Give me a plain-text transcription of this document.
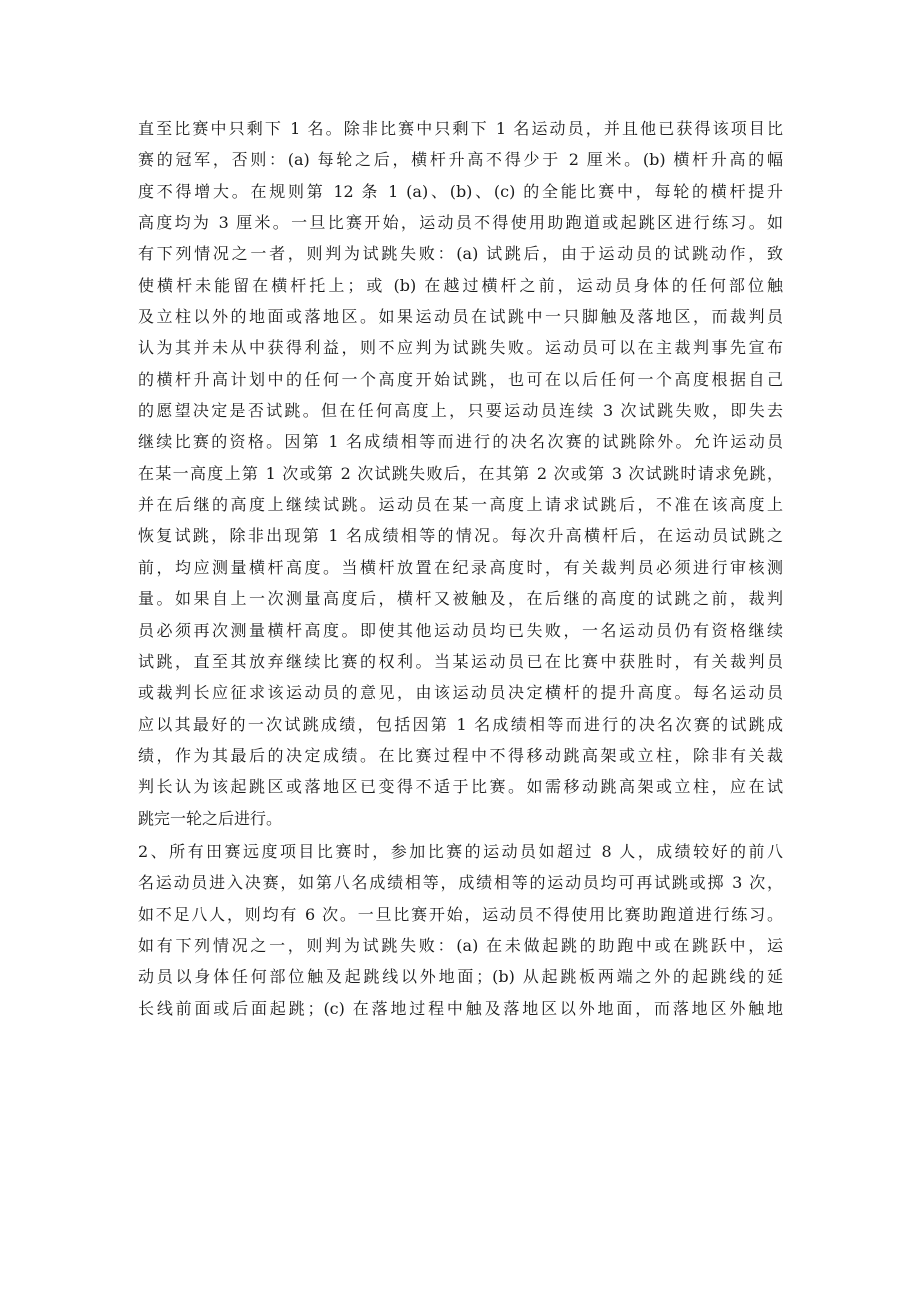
直至比赛中只剩下 1 名。除非比赛中只剩下 1 名运动员，并且他已获得该项目比
赛的冠军，否则：(a) 每轮之后，横杆升高不得少于 2 厘米。(b) 横杆升高的幅
度不得增大。在规则第 12 条 1 (a)、(b)、(c) 的全能比赛中，每轮的横杆提升
高度均为 3 厘米。一旦比赛开始，运动员不得使用助跑道或起跳区进行练习。如
有下列情况之一者，则判为试跳失败：(a) 试跳后，由于运动员的试跳动作，致
使横杆未能留在横杆托上；或 (b) 在越过横杆之前，运动员身体的任何部位触
及立柱以外的地面或落地区。如果运动员在试跳中一只脚触及落地区，而裁判员
认为其并未从中获得利益，则不应判为试跳失败。运动员可以在主裁判事先宣布
的横杆升高计划中的任何一个高度开始试跳，也可在以后任何一个高度根据自己
的愿望决定是否试跳。但在任何高度上，只要运动员连续 3 次试跳失败，即失去
继续比赛的资格。因第 1 名成绩相等而进行的决名次赛的试跳除外。允许运动员
在某一高度上第 1 次或第 2 次试跳失败后，在其第 2 次或第 3 次试跳时请求免跳，
并在后继的高度上继续试跳。运动员在某一高度上请求试跳后，不准在该高度上
恢复试跳，除非出现第 1 名成绩相等的情况。每次升高横杆后，在运动员试跳之
前，均应测量横杆高度。当横杆放置在纪录高度时，有关裁判员必须进行审核测
量。如果自上一次测量高度后，横杆又被触及，在后继的高度的试跳之前，裁判
员必须再次测量横杆高度。即使其他运动员均已失败，一名运动员仍有资格继续
试跳，直至其放弃继续比赛的权利。当某运动员已在比赛中获胜时，有关裁判员
或裁判长应征求该运动员的意见，由该运动员决定横杆的提升高度。每名运动员
应以其最好的一次试跳成绩，包括因第 1 名成绩相等而进行的决名次赛的试跳成
绩，作为其最后的决定成绩。在比赛过程中不得移动跳高架或立柱，除非有关裁
判长认为该起跳区或落地区已变得不适于比赛。如需移动跳高架或立柱，应在试
跳完一轮之后进行。
2、所有田赛远度项目比赛时，参加比赛的运动员如超过 8 人，成绩较好的前八
名运动员进入决赛，如第八名成绩相等，成绩相等的运动员均可再试跳或掷 3 次，
如不足八人，则均有 6 次。一旦比赛开始，运动员不得使用比赛助跑道进行练习。
如有下列情况之一，则判为试跳失败：(a) 在未做起跳的助跑中或在跳跃中，运
动员以身体任何部位触及起跳线以外地面；(b) 从起跳板两端之外的起跳线的延
长线前面或后面起跳；(c) 在落地过程中触及落地区以外地面，而落地区外触地
